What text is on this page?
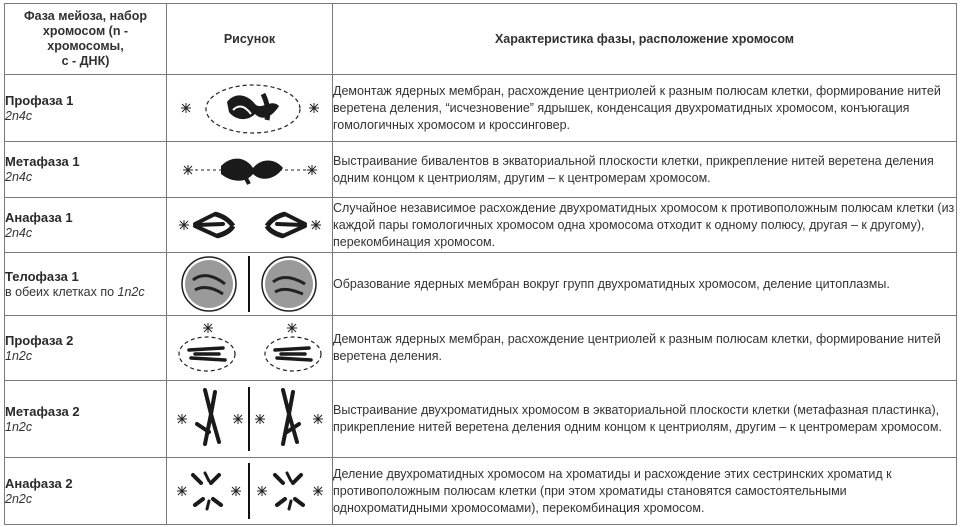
Фаза мейоза, набор
хромосом (n -
хромосомы,
c - ДНК)	Рисунок	Характеристика фазы, расположение хромосом

Профаза 1
2n4c		Демонтаж ядерных мембран, расхождение центриолей к разным полюсам клетки, формирование нитей веретена деления, “исчезновение” ядрышек, конденсация двухроматидных хромосом, конъюгация гомологичных хромосом и кроссинговер.

Метафаза 1
2n4c		Выстраивание бивалентов в экваториальной плоскости клетки, прикрепление нитей веретена деления одним концом к центриолям, другим – к центромерам хромосом.

Анафаза 1
2n4c		Случайное независимое расхождение двухроматидных хромосом к противоположным полюсам клетки (из каждой пары гомологичных хромосом одна хромосома отходит к одному полюсу, другая – к другому), перекомбинация хромосом.

Телофаза 1
в обеих клетках по 1n2c		Образование ядерных мембран вокруг групп двухроматидных хромосом, деление цитоплазмы.

Профаза 2
1n2c		Демонтаж ядерных мембран, расхождение центриолей к разным полюсам клетки, формирование нитей веретена деления.

Метафаза 2
1n2c		Выстраивание двухроматидных хромосом в экваториальной плоскости клетки (метафазная пластинка), прикрепление нитей веретена деления одним концом к центриолям, другим – к центромерам хромосом.

Анафаза 2
2n2c		Деление двухроматидных хромосом на хроматиды и расхождение этих сестринских хроматид к противоположным полюсам клетки (при этом хроматиды становятся самостоятельными однохроматидными хромосомами), перекомбинация хромосом.
